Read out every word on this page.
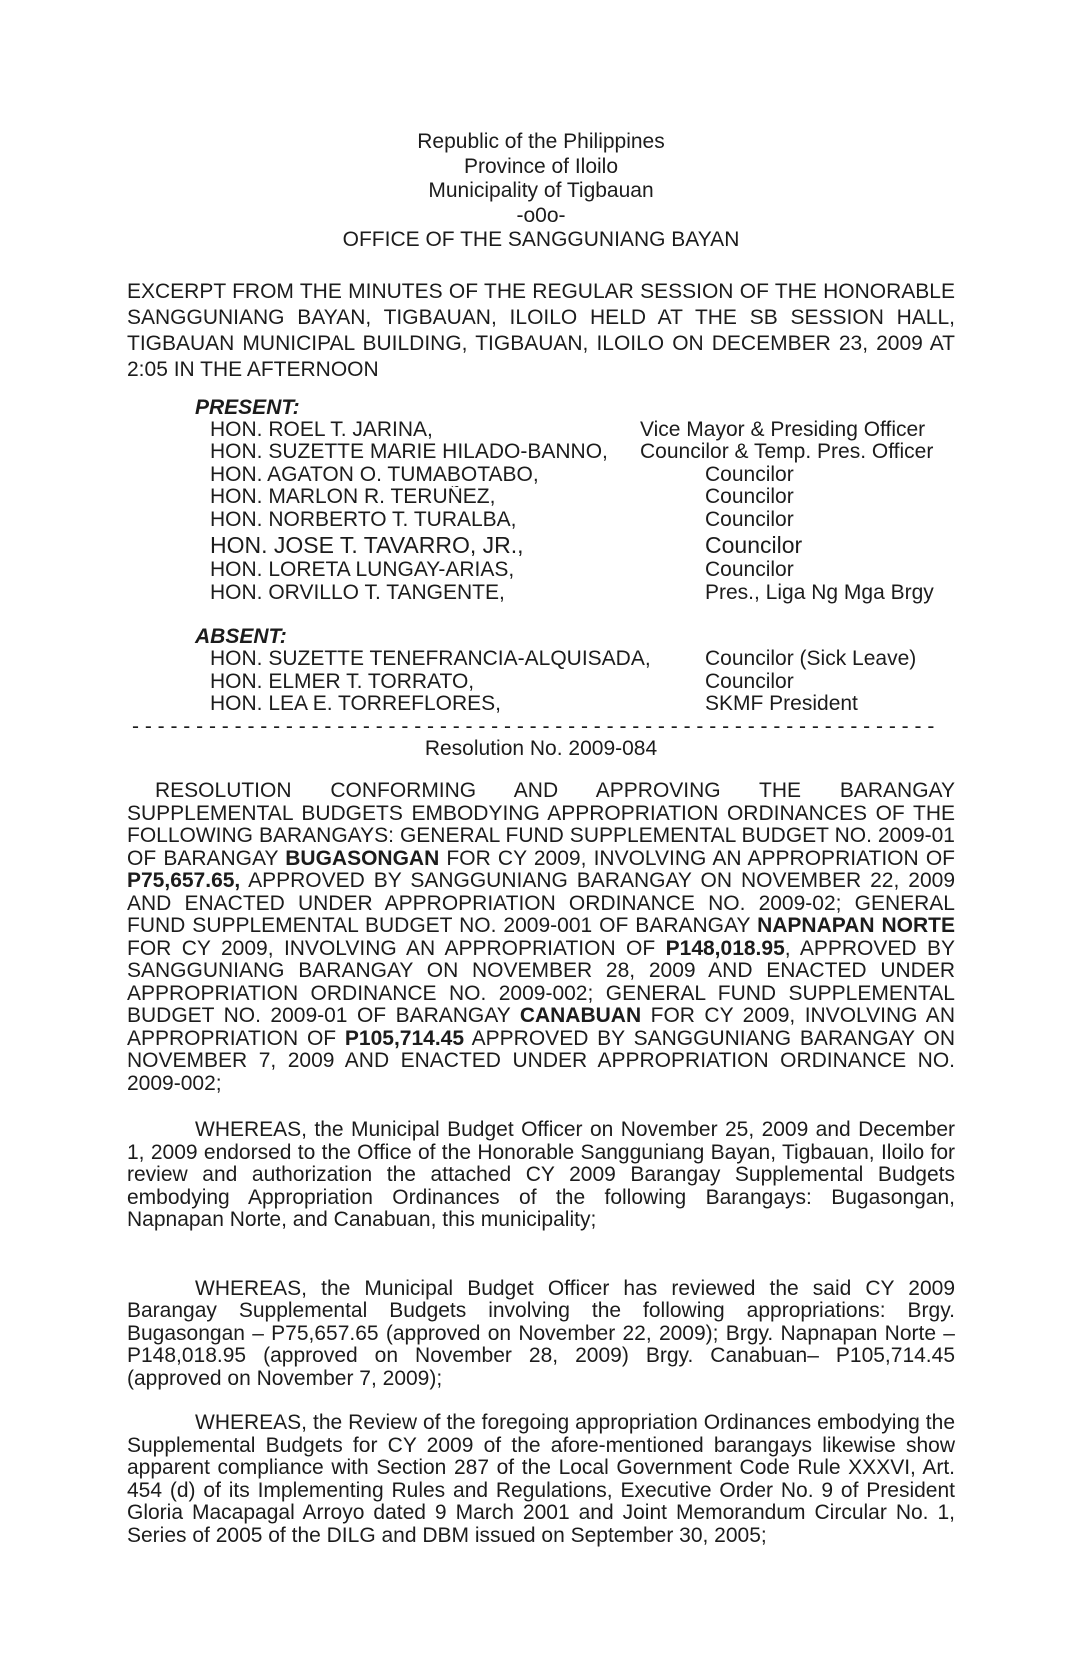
Republic of the Philippines
Province of Iloilo
Municipality of Tigbauan
-o0o-
OFFICE OF THE SANGGUNIANG BAYAN

EXCERPT FROM THE MINUTES OF THE REGULAR SESSION OF THE HONORABLE SANGGUNIANG BAYAN, TIGBAUAN, ILOILO HELD AT THE SB SESSION HALL, TIGBAUAN MUNICIPAL BUILDING, TIGBAUAN, ILOILO ON DECEMBER 23, 2009 AT 2:05 IN THE AFTERNOON

PRESENT:
HON. ROEL T. JARINA,	Vice Mayor & Presiding Officer
HON. SUZETTE MARIE HILADO-BANNO,	Councilor & Temp. Pres. Officer
HON. AGATON O. TUMABOTABO,	Councilor
HON. MARLON R. TERUÑEZ,	Councilor
HON. NORBERTO T. TURALBA,	Councilor
HON. JOSE T. TAVARRO, JR.,	Councilor
HON. LORETA LUNGAY-ARIAS,	Councilor
HON. ORVILLO T. TANGENTE,	Pres., Liga Ng Mga Brgy
ABSENT:
HON. SUZETTE TENEFRANCIA-ALQUISADA,	Councilor (Sick Leave)
HON. ELMER T. TORRATO,	Councilor
HON. LEA E. TORREFLORES,	SKMF President
- - - - - - - - - - - - - - - - - - - - - - - - - - - - - - - - - - - - - - - - - - - - - - - - - - - - - - - - - - - - - - -
Resolution No. 2009-084

RESOLUTION CONFORMING AND APPROVING THE BARANGAY SUPPLEMENTAL BUDGETS EMBODYING APPROPRIATION ORDINANCES OF THE FOLLOWING BARANGAYS: GENERAL FUND SUPPLEMENTAL BUDGET NO. 2009-01 OF BARANGAY BUGASONGAN FOR CY 2009, INVOLVING AN APPROPRIATION OF P75,657.65, APPROVED BY SANGGUNIANG BARANGAY ON NOVEMBER 22, 2009 AND ENACTED UNDER APPROPRIATION ORDINANCE NO. 2009-02; GENERAL FUND SUPPLEMENTAL BUDGET NO. 2009-001 OF BARANGAY NAPNAPAN NORTE FOR CY 2009, INVOLVING AN APPROPRIATION OF P148,018.95, APPROVED BY SANGGUNIANG BARANGAY ON NOVEMBER 28, 2009 AND ENACTED UNDER APPROPRIATION ORDINANCE NO. 2009-002; GENERAL FUND SUPPLEMENTAL BUDGET NO. 2009-01 OF BARANGAY CANABUAN FOR CY 2009, INVOLVING AN APPROPRIATION OF P105,714.45 APPROVED BY SANGGUNIANG BARANGAY ON NOVEMBER 7, 2009 AND ENACTED UNDER APPROPRIATION ORDINANCE NO. 2009-002;

WHEREAS, the Municipal Budget Officer on November 25, 2009 and December 1, 2009 endorsed to the Office of the Honorable Sangguniang Bayan, Tigbauan, Iloilo for review and authorization the attached CY 2009 Barangay Supplemental Budgets embodying Appropriation Ordinances of the following Barangays: Bugasongan, Napnapan Norte, and Canabuan, this municipality;

WHEREAS, the Municipal Budget Officer has reviewed the said CY 2009 Barangay Supplemental Budgets involving the following appropriations: Brgy. Bugasongan – P75,657.65 (approved on November 22, 2009); Brgy. Napnapan Norte – P148,018.95 (approved on November 28, 2009) Brgy. Canabuan– P105,714.45 (approved on November 7, 2009);

WHEREAS, the Review of the foregoing appropriation Ordinances embodying the Supplemental Budgets for CY 2009 of the afore-mentioned barangays likewise show apparent compliance with Section 287 of the Local Government Code Rule XXXVI, Art. 454 (d) of its Implementing Rules and Regulations, Executive Order No. 9 of President Gloria Macapagal Arroyo dated 9 March 2001 and Joint Memorandum Circular No. 1, Series of 2005 of the DILG and DBM issued on September 30, 2005;
